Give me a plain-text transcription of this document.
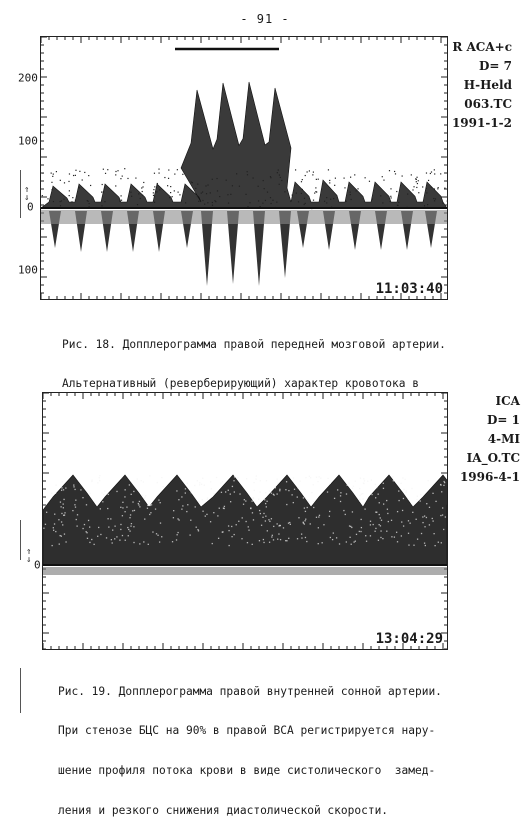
- 91 -
200
100
⇑
⇓
0
100
11:03:40
R ACA+c
D= 7
H-Held
063.TC
1991-1-2

Рис. 18. Допплерограмма правой передней мозговой артерии.

Альтернативный (реверберирующий) характер кровотока в

⇑
⇓ 0
13:04:29
ICA
D= 1
4-MI
IA_O.TC
1996-4-1

Рис. 19. Допплерограмма правой внутренней сонной артерии.

При стенозе БЦС на 90% в правой ВСА регистрируется нару-

шение профиля потока крови в виде систолического  замед-

ления и резкого снижения диастолической скорости.
